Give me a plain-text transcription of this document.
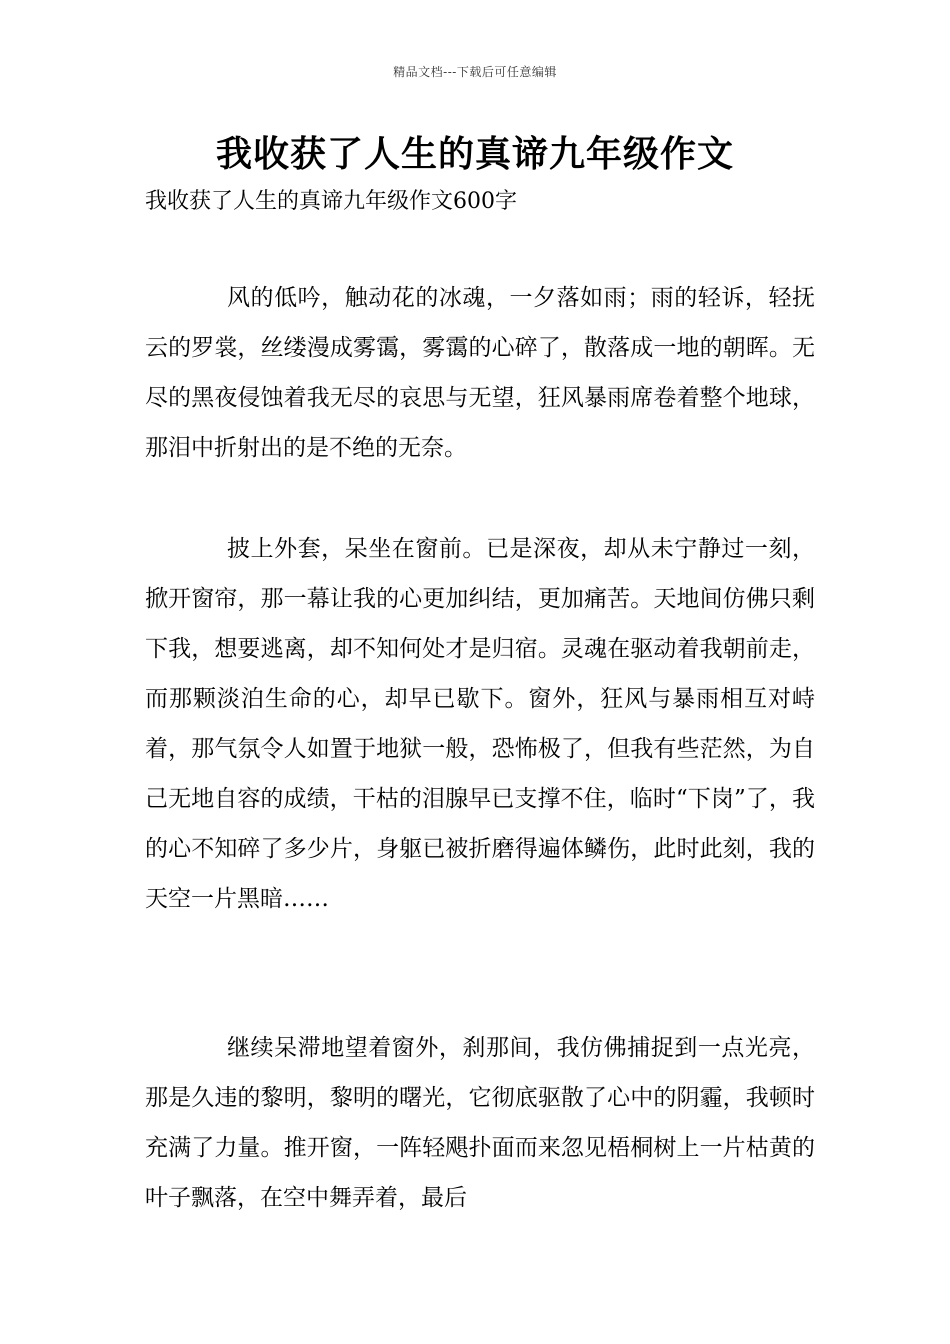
精品文档---下载后可任意编辑
我收获了人生的真谛九年级作文
我收获了人生的真谛九年级作文600字

风的低吟，触动花的冰魂，一夕落如雨；雨的轻诉，轻抚云的罗裳，丝缕漫成雾霭，雾霭的心碎了，散落成一地的朝晖。无尽的黑夜侵蚀着我无尽的哀思与无望，狂风暴雨席卷着整个地球，那泪中折射出的是不绝的无奈。

披上外套，呆坐在窗前。已是深夜，却从未宁静过一刻，掀开窗帘，那一幕让我的心更加纠结，更加痛苦。天地间仿佛只剩下我，想要逃离，却不知何处才是归宿。灵魂在驱动着我朝前走，而那颗淡泊生命的心，却早已歇下。窗外，狂风与暴雨相互对峙着，那气氛令人如置于地狱一般，恐怖极了，但我有些茫然，为自己无地自容的成绩，干枯的泪腺早已支撑不住，临时“下岗”了，我的心不知碎了多少片，身躯已被折磨得遍体鳞伤，此时此刻，我的天空一片黑暗……

继续呆滞地望着窗外，刹那间，我仿佛捕捉到一点光亮，那是久违的黎明，黎明的曙光，它彻底驱散了心中的阴霾，我顿时充满了力量。推开窗，一阵轻飓扑面而来忽见梧桐树上一片枯黄的叶子飘落，在空中舞弄着，最后
